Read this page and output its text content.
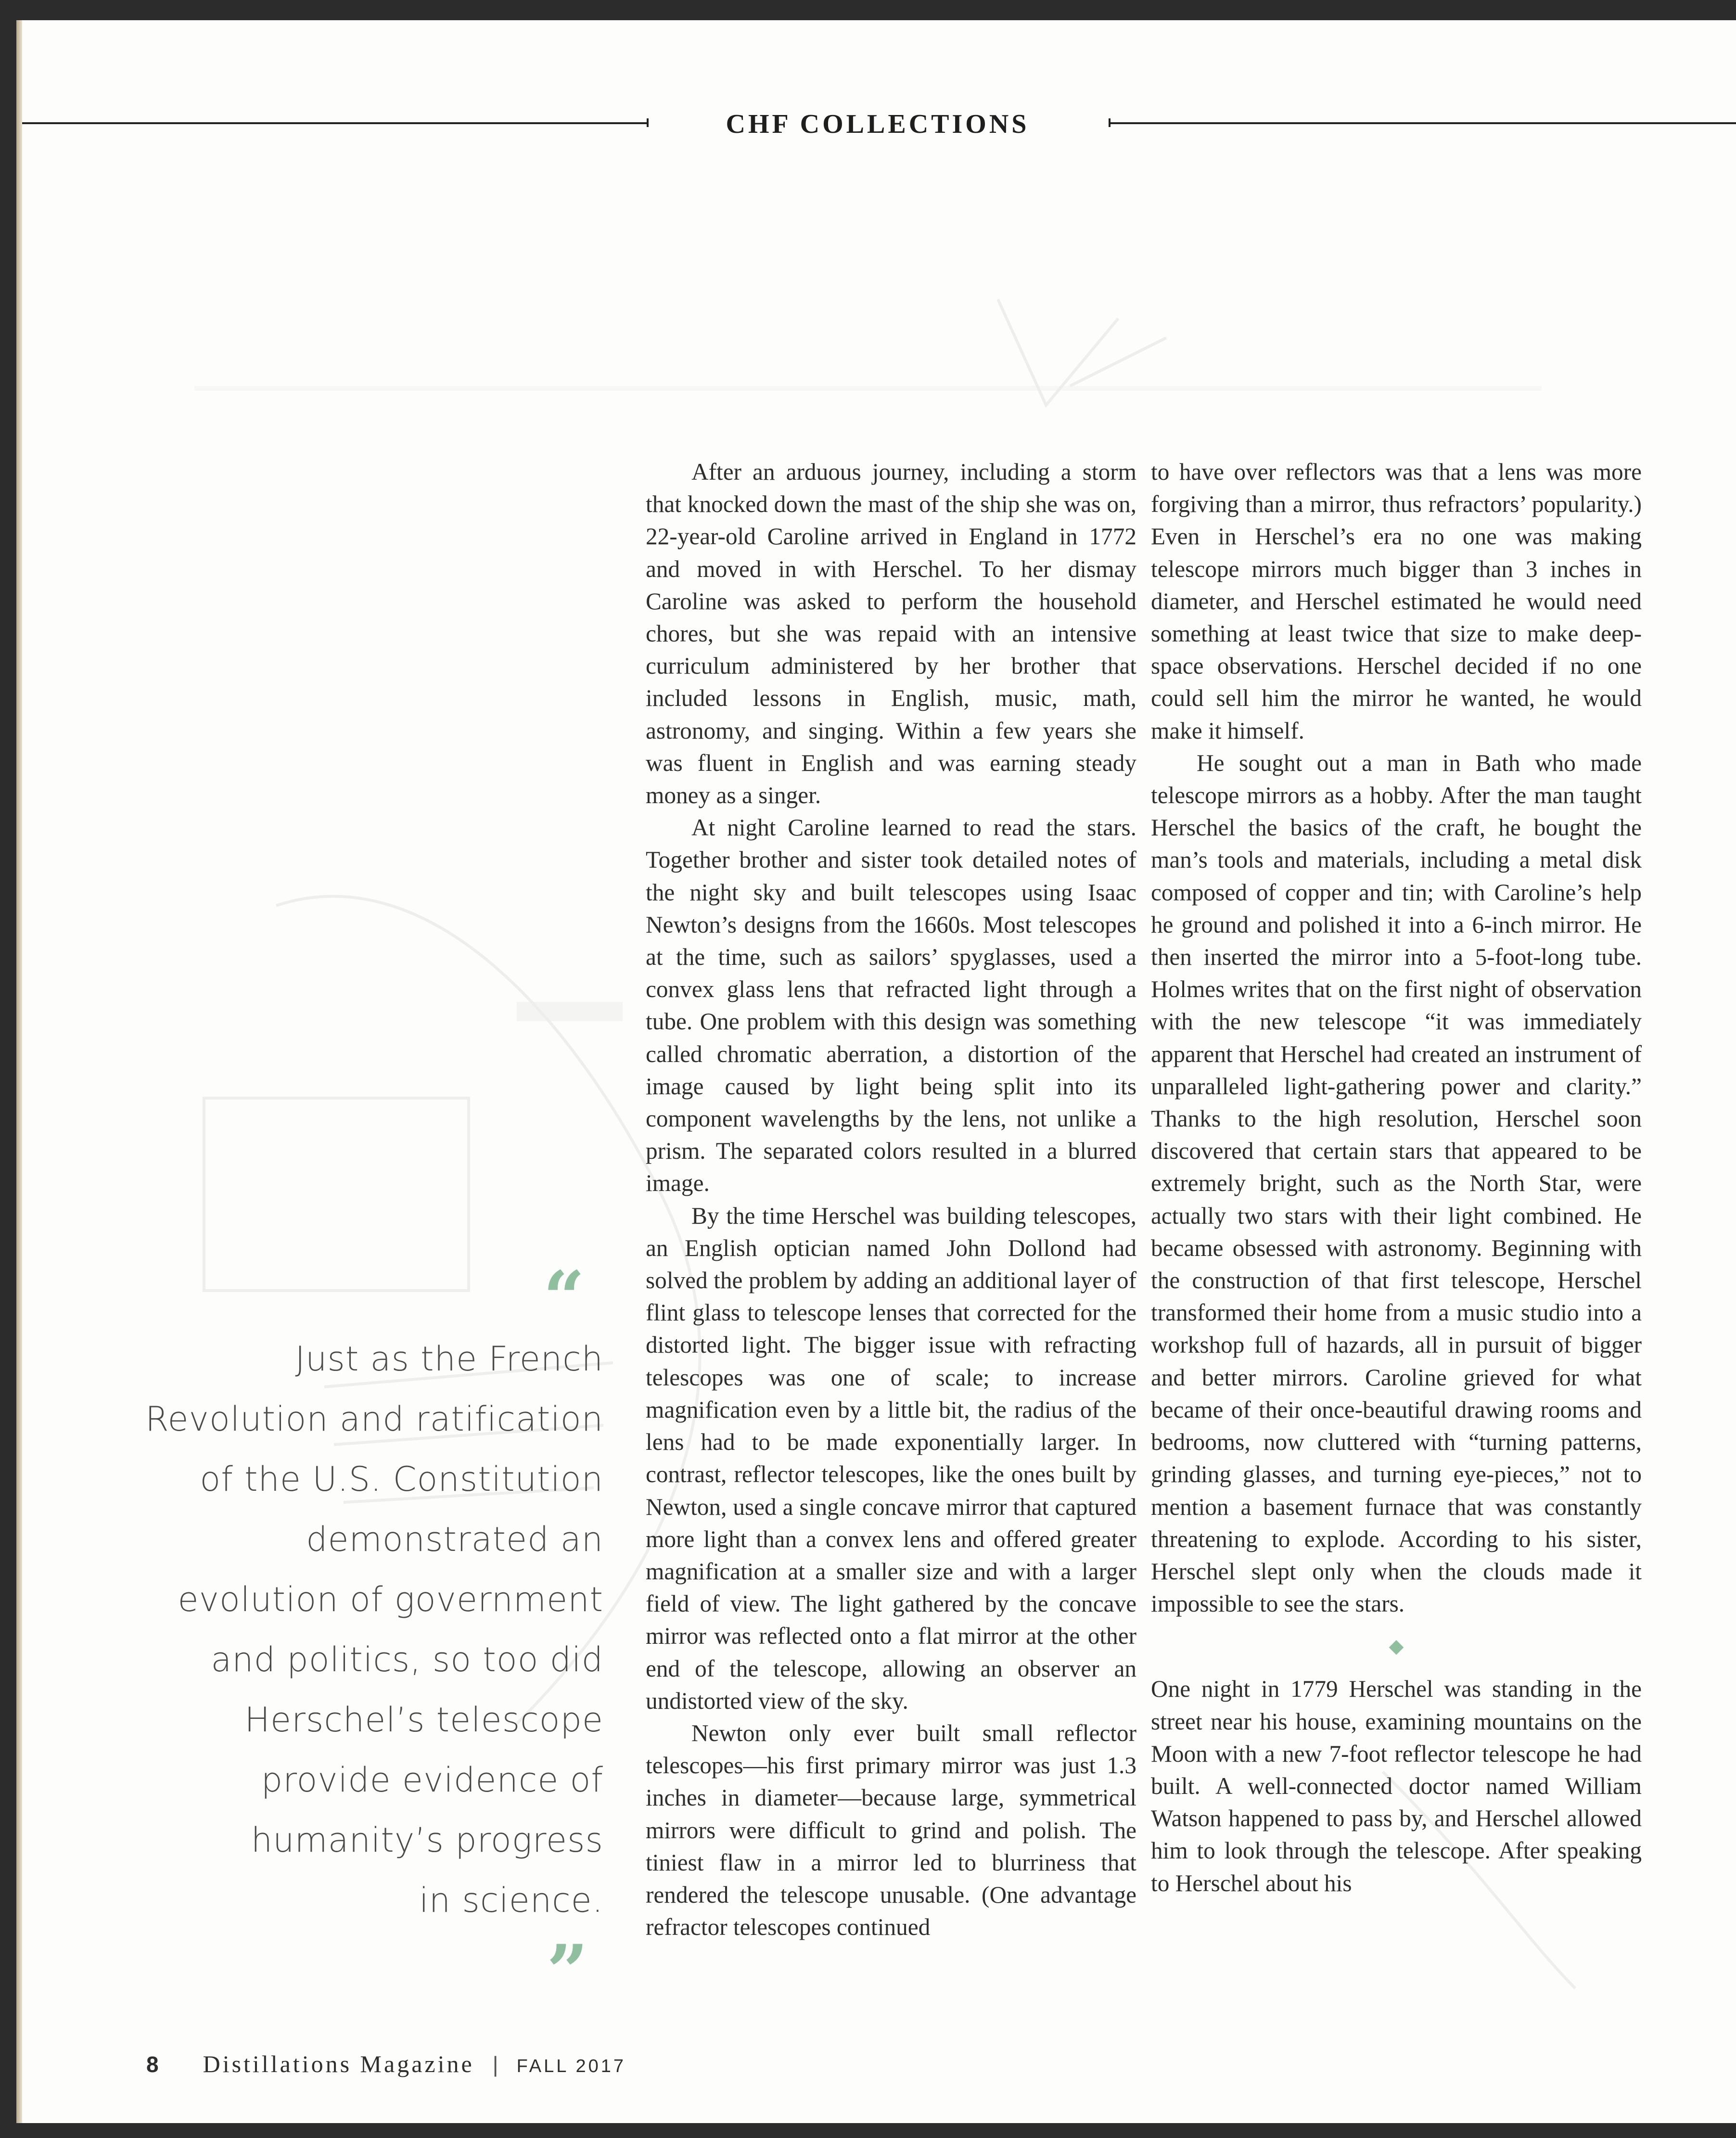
CHF COLLECTIONS
“
Just as the French
Revolution and ratification
of the U.S. Constitution
demonstrated an
evolution of government
and politics, so too did
Herschel’s telescope
provide evidence of
humanity’s progress
in science.
”

After an arduous journey, including a storm that knocked down the mast of the ship she was on, 22-year-old Caroline arrived in England in 1772 and moved in with Herschel. To her dismay Caroline was asked to perform the household chores, but she was repaid with an intensive curriculum administered by her brother that included lessons in English, music, math, astronomy, and singing. Within a few years she was fluent in English and was earning steady money as a singer.

At night Caroline learned to read the stars. Together brother and sister took detailed notes of the night sky and built telescopes using Isaac Newton’s designs from the 1660s. Most telescopes at the time, such as sailors’ spyglasses, used a convex glass lens that refracted light through a tube. One problem with this design was something called chromatic aberration, a distortion of the image caused by light being split into its component wavelengths by the lens, not unlike a prism. The separated colors resulted in a blurred image.

By the time Herschel was building telescopes, an English optician named John Dollond had solved the problem by adding an additional layer of flint glass to telescope lenses that corrected for the distorted light. The bigger issue with refracting telescopes was one of scale; to increase magnification even by a little bit, the radius of the lens had to be made exponentially larger. In contrast, reflector telescopes, like the ones built by Newton, used a single concave mirror that captured more light than a convex lens and offered greater magnification at a smaller size and with a larger field of view. The light gathered by the concave mirror was reflected onto a flat mirror at the other end of the telescope, allowing an observer an undistorted view of the sky.

Newton only ever built small reflector telescopes—his first primary mirror was just 1.3 inches in diameter—because large, symmetrical mirrors were difficult to grind and polish. The tiniest flaw in a mirror led to blurriness that rendered the telescope unusable. (One advantage refractor telescopes continued

to have over reflectors was that a lens was more forgiving than a mirror, thus refractors’ popularity.) Even in Herschel’s era no one was making telescope mirrors much bigger than 3 inches in diameter, and Herschel estimated he would need something at least twice that size to make deep-space observations. Herschel decided if no one could sell him the mirror he wanted, he would make it himself.

He sought out a man in Bath who made telescope mirrors as a hobby. After the man taught Herschel the basics of the craft, he bought the man’s tools and materials, including a metal disk composed of copper and tin; with Caroline’s help he ground and polished it into a 6-inch mirror. He then inserted the mirror into a 5-foot-long tube. Holmes writes that on the first night of observation with the new telescope “it was immediately apparent that Herschel had created an instrument of unparalleled light-gathering power and clarity.” Thanks to the high resolution, Herschel soon discovered that certain stars that appeared to be extremely bright, such as the North Star, were actually two stars with their light combined. He became obsessed with astronomy. Beginning with the construction of that first telescope, Herschel transformed their home from a music studio into a workshop full of hazards, all in pursuit of bigger and better mirrors. Caroline grieved for what became of their once-beautiful drawing rooms and bedrooms, now cluttered with “turning patterns, grinding glasses, and turning eye-pieces,” not to mention a basement furnace that was constantly threatening to explode. According to his sister, Herschel slept only when the clouds made it impossible to see the stars.

◆

One night in 1779 Herschel was standing in the street near his house, examining mountains on the Moon with a new 7-foot reflector telescope he had built. A well-connected doctor named William Watson happened to pass by, and Herschel allowed him to look through the telescope. After speaking to Herschel about his

8 Distillations Magazine | FALL 2017
